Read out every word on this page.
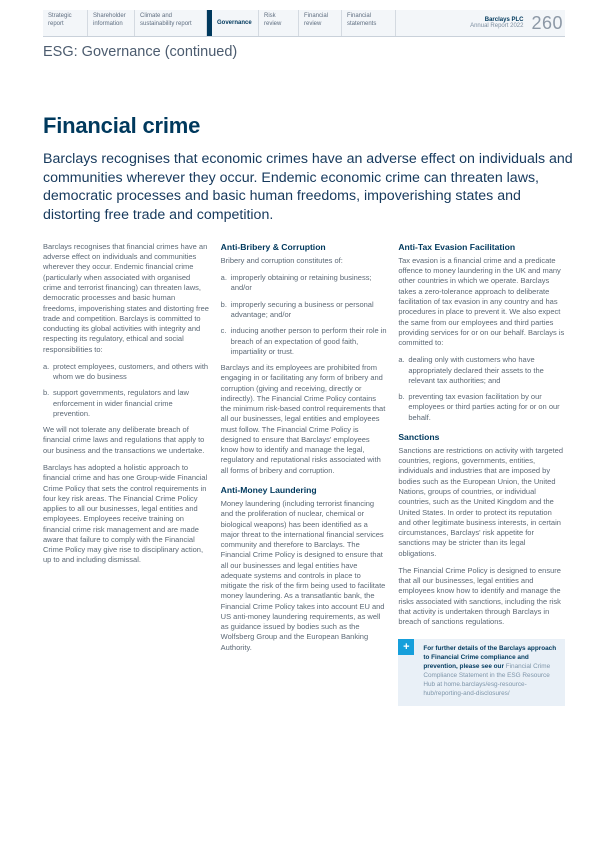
Strategic report
Shareholder information
Climate and sustainability report	Governance
Risk review
Financial review
Financial statements
Barclays PLC
Annual Report 2022 260
ESG: Governance (continued)
Financial crime
Barclays recognises that economic crimes have an adverse effect on individuals and communities wherever they occur. Endemic economic crime can threaten laws, democratic processes and basic human freedoms, impoverishing states and distorting free trade and competition.

Barclays recognises that financial crimes have an adverse effect on individuals and communities wherever they occur. Endemic financial crime (particularly when associated with organised crime and terrorist financing) can threaten laws, democratic processes and basic human freedoms, impoverishing states and distorting free trade and competition. Barclays is committed to conducting its global activities with integrity and respecting its regulatory, ethical and social responsibilities to:

a. protect employees, customers, and others with whom we do business
b. support governments, regulators and law enforcement in wider financial crime prevention.

We will not tolerate any deliberate breach of financial crime laws and regulations that apply to our business and the transactions we undertake.

Barclays has adopted a holistic approach to financial crime and has one Group-wide Financial Crime Policy that sets the control requirements in four key risk areas. The Financial Crime Policy applies to all our businesses, legal entities and employees. Employees receive training on financial crime risk management and are made aware that failure to comply with the Financial Crime Policy may give rise to disciplinary action, up to and including dismissal.

Anti-Bribery & Corruption

Bribery and corruption constitutes of:

a. improperly obtaining or retaining business; and/or
b. improperly securing a business or personal advantage; and/or
c. inducing another person to perform their role in breach of an expectation of good faith, impartiality or trust.

Barclays and its employees are prohibited from engaging in or facilitating any form of bribery and corruption (giving and receiving, directly or indirectly). The Financial Crime Policy contains the minimum risk-based control requirements that all our businesses, legal entities and employees must follow. The Financial Crime Policy is designed to ensure that Barclays' employees know how to identify and manage the legal, regulatory and reputational risks associated with all forms of bribery and corruption.

Anti-Money Laundering

Money laundering (including terrorist financing and the proliferation of nuclear, chemical or biological weapons) has been identified as a major threat to the international financial services community and therefore to Barclays. The Financial Crime Policy is designed to ensure that all our businesses and legal entities have adequate systems and controls in place to mitigate the risk of the firm being used to facilitate money laundering. As a transatlantic bank, the Financial Crime Policy takes into account EU and US anti-money laundering requirements, as well as guidance issued by bodies such as the Wolfsberg Group and the European Banking Authority.

Anti-Tax Evasion Facilitation

Tax evasion is a financial crime and a predicate offence to money laundering in the UK and many other countries in which we operate. Barclays takes a zero-tolerance approach to deliberate facilitation of tax evasion in any country and has procedures in place to prevent it. We also expect the same from our employees and third parties providing services for or on our behalf. Barclays is committed to:

a. dealing only with customers who have appropriately declared their assets to the relevant tax authorities; and
b. preventing tax evasion facilitation by our employees or third parties acting for or on our behalf.
Sanctions

Sanctions are restrictions on activity with targeted countries, regions, governments, entities, individuals and industries that are imposed by bodies such as the European Union, the United Nations, groups of countries, or individual countries, such as the United Kingdom and the United States. In order to protect its reputation and other legitimate business interests, in certain circumstances, Barclays' risk appetite for sanctions may be stricter than its legal obligations.

The Financial Crime Policy is designed to ensure that all our businesses, legal entities and employees know how to identify and manage the risks associated with sanctions, including the risk that activity is undertaken through Barclays in breach of sanctions regulations.

+	For further details of the Barclays approach to Financial Crime compliance and prevention, please see our Financial Crime Compliance Statement in the ESG Resource Hub at home.barclays/esg-resource-hub/reporting-and-disclosures/
